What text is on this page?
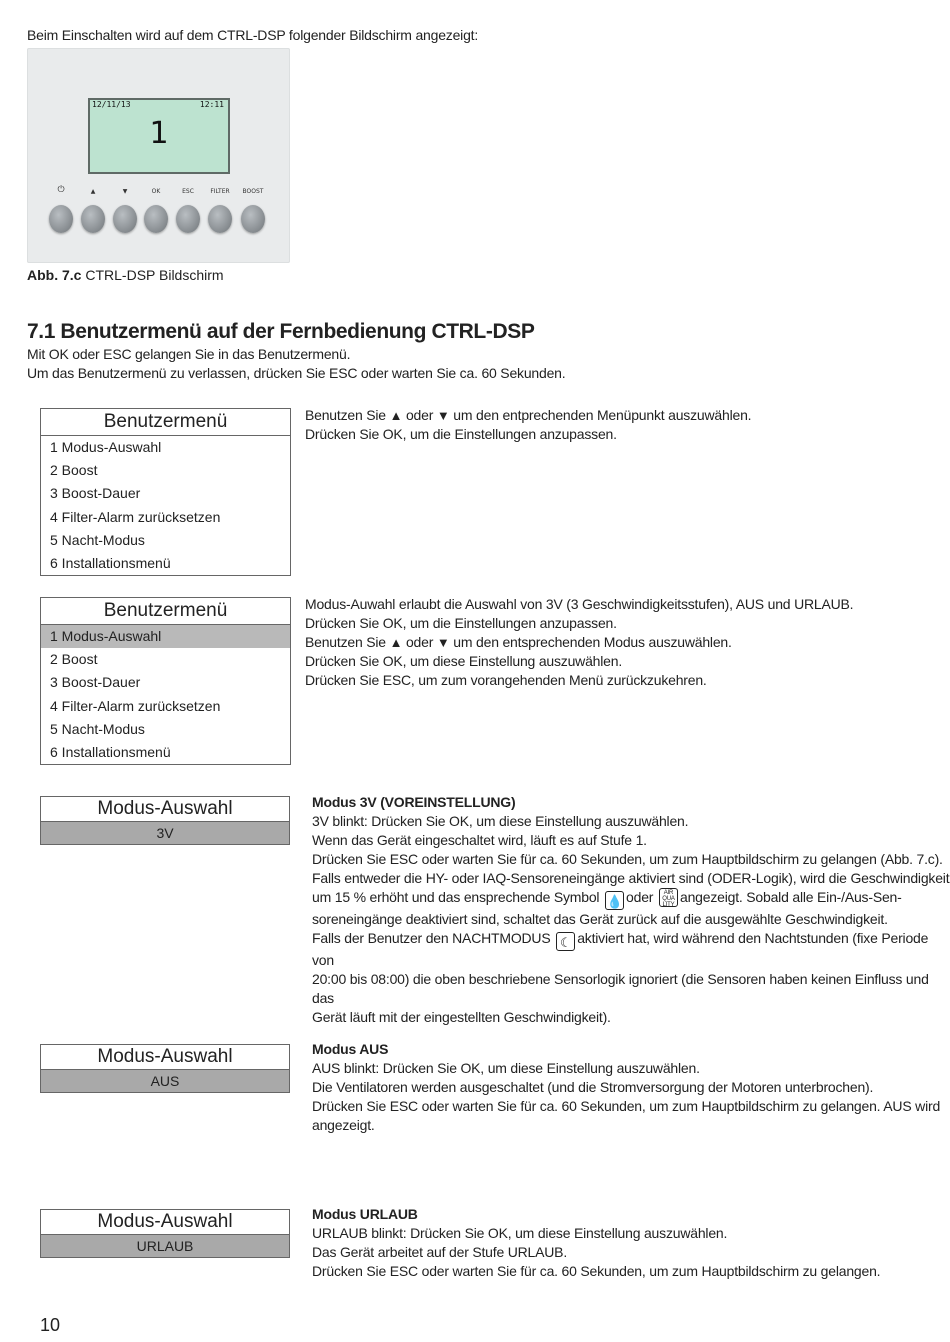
Beim Einschalten wird auf dem CTRL-DSP folgender Bildschirm angezeigt:
12/11/13	12:11
1
⏻	▲	▼	OK	ESC	FILTER	BOOST
Abb. 7.c CTRL-DSP Bildschirm
7.1 Benutzermenü auf der Fernbedienung CTRL-DSP
Mit OK oder ESC gelangen Sie in das Benutzermenü.
Um das Benutzermenü zu verlassen, drücken Sie ESC oder warten Sie ca. 60 Sekunden.
Benutzermenü
1 Modus-Auswahl
2 Boost
3 Boost-Dauer
4 Filter-Alarm zurücksetzen
5 Nacht-Modus
6 Installationsmenü

Benutzen Sie ▲ oder ▼ um den entprechenden Menüpunkt auszuwählen.

Drücken Sie OK, um die Einstellungen anzupassen.

Benutzermenü
1 Modus-Auswahl
2 Boost
3 Boost-Dauer
4 Filter-Alarm zurücksetzen
5 Nacht-Modus
6 Installationsmenü

Modus-Auwahl erlaubt die Auswahl von 3V (3 Geschwindigkeitsstufen), AUS und URLAUB.

Drücken Sie OK, um die Einstellungen anzupassen.

Benutzen Sie ▲ oder ▼ um den entsprechenden Modus auszuwählen.

Drücken Sie OK, um diese Einstellung auszuwählen.

Drücken Sie ESC, um zum vorangehenden Menü zurückzukehren.

Modus-Auswahl
3V

Modus 3V (VOREINSTELLUNG)

3V blinkt: Drücken Sie OK, um diese Einstellung auszuwählen.

Wenn das Gerät eingeschaltet wird, läuft es auf Stufe 1.

Drücken Sie ESC oder warten Sie für ca. 60 Sekunden, um zum Hauptbildschirm zu gelangen (Abb. 7.c).

Falls entweder die HY- oder IAQ-Sensoreneingänge aktiviert sind (ODER-Logik), wird die Geschwindigkeit

um 15 % erhöht und das ensprechende Symbol 💧 oder AIR
QUA
LITY angezeigt. Sobald alle Ein-/Aus-Sen-

soreneingänge deaktiviert sind, schaltet das Gerät zurück auf die ausgewählte Geschwindigkeit.

Falls der Benutzer den NACHTMODUS ☾ aktiviert hat, wird während den Nachtstunden (fixe Periode von

20:00 bis 08:00) die oben beschriebene Sensorlogik ignoriert (die Sensoren haben keinen Einfluss und das

Gerät läuft mit der eingestellten Geschwindigkeit).

Modus-Auswahl
AUS

Modus AUS

AUS blinkt: Drücken Sie OK, um diese Einstellung auszuwählen.

Die Ventilatoren werden ausgeschaltet (und die Stromversorgung der Motoren unterbrochen).

Drücken Sie ESC oder warten Sie für ca. 60 Sekunden, um zum Hauptbildschirm zu gelangen. AUS wird

angezeigt.

Modus-Auswahl
URLAUB

Modus URLAUB

URLAUB blinkt: Drücken Sie OK, um diese Einstellung auszuwählen.

Das Gerät arbeitet auf der Stufe URLAUB.

Drücken Sie ESC oder warten Sie für ca. 60 Sekunden, um zum Hauptbildschirm zu gelangen.

10
